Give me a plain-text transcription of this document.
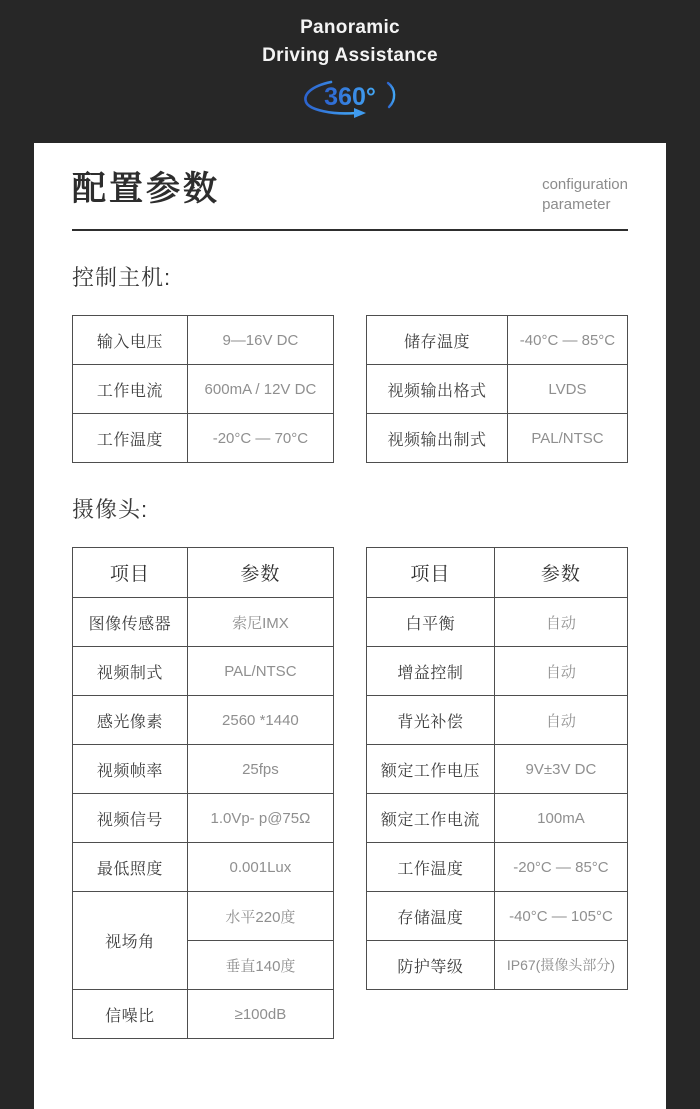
Panoramic
Driving Assistance
360°
配置参数	configuration
parameter
控制主机:
输入电压	9—16V DC
工作电流	600mA / 12V DC
工作温度	-20°C — 70°C
储存温度	-40°C — 85°C
视频输出格式	LVDS
视频输出制式	PAL/NTSC
摄像头:
项目	参数
图像传感器	索尼IMX
视频制式	PAL/NTSC
感光像素	2560 *1440
视频帧率	25fps
视频信号	1.0Vp- p@75Ω
最低照度	0.001Lux
视场角	水平220度
	垂直140度
信噪比	≥100dB
项目	参数
白平衡	自动
增益控制	自动
背光补偿	自动
额定工作电压	9V±3V DC
额定工作电流	100mA
工作温度	-20°C — 85°C
存储温度	-40°C — 105°C
防护等级	IP67(摄像头部分)
